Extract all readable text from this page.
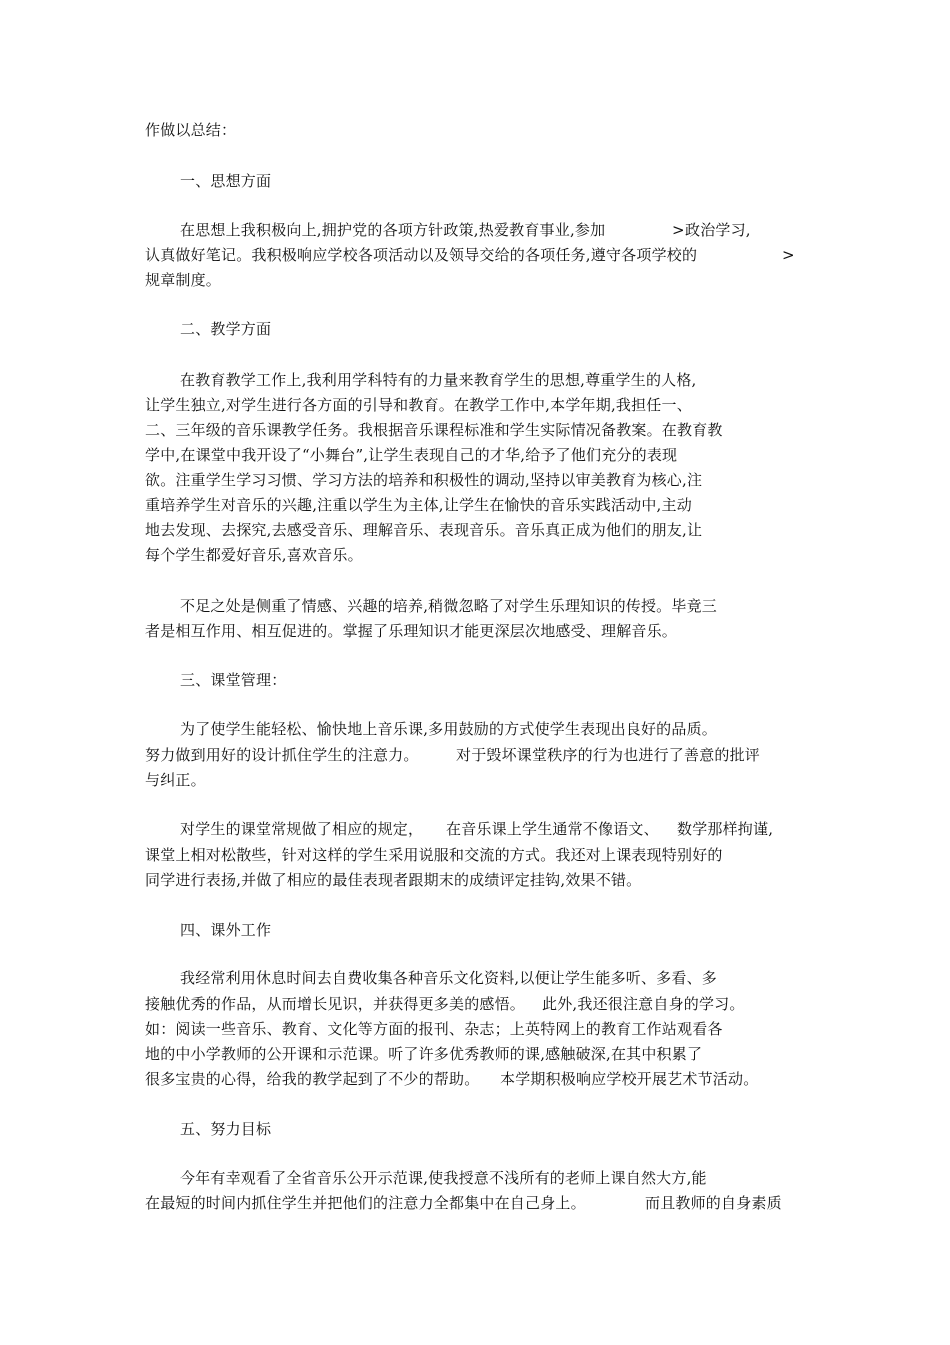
作做以总结：
一、思想方面
在思想上我积极向上,拥护党的各项方针政策,热爱教育事业,参加	> 政治学习,
认真做好笔记。我积极响应学校各项活动以及领导交给的各项任务,遵守各项学校的	>
规章制度。
二、教学方面
在教育教学工作上,我利用学科特有的力量来教育学生的思想,尊重学生的人格,
让学生独立,对学生进行各方面的引导和教育。在教学工作中,本学年期,我担任一、
二、三年级的音乐课教学任务。我根据音乐课程标准和学生实际情况备教案。在教育教
学中,在课堂中我开设了“小舞台”,让学生表现自己的才华,给予了他们充分的表现
欲。注重学生学习习惯、学习方法的培养和积极性的调动,坚持以审美教育为核心,注
重培养学生对音乐的兴趣,注重以学生为主体,让学生在愉快的音乐实践活动中,主动
地去发现、去探究,去感受音乐、理解音乐、表现音乐。音乐真正成为他们的朋友,让
每个学生都爱好音乐,喜欢音乐。
不足之处是侧重了情感、兴趣的培养,稍微忽略了对学生乐理知识的传授。毕竟三
者是相互作用、相互促进的。掌握了乐理知识才能更深层次地感受、理解音乐。
三、课堂管理：
为了使学生能轻松、愉快地上音乐课,多用鼓励的方式使学生表现出良好的品质。
努力做到用好的设计抓住学生的注意力。 对于毁坏课堂秩序的行为也进行了善意的批评
与纠正。
对学生的课堂常规做了相应的规定， 在音乐课上学生通常不像语文、 数学那样拘谨,
课堂上相对松散些，针对这样的学生采用说服和交流的方式。我还对上课表现特别好的
同学进行表扬,并做了相应的最佳表现者跟期末的成绩评定挂钩,效果不错。
四、课外工作
我经常利用休息时间去自费收集各种音乐文化资料,以便让学生能多听、多看、多
接触优秀的作品，从而增长见识，并获得更多美的感悟。 此外,我还很注意自身的学习。
如：阅读一些音乐、教育、文化等方面的报刊、杂志；上英特网上的教育工作站观看各
地的中小学教师的公开课和示范课。听了许多优秀教师的课,感触破深,在其中积累了
很多宝贵的心得，给我的教学起到了不少的帮助。 本学期积极响应学校开展艺术节活动。
五、努力目标
今年有幸观看了全省音乐公开示范课,使我授意不浅所有的老师上课自然大方,能
在最短的时间内抓住学生并把他们的注意力全都集中在自己身上。	而且教师的自身素质
